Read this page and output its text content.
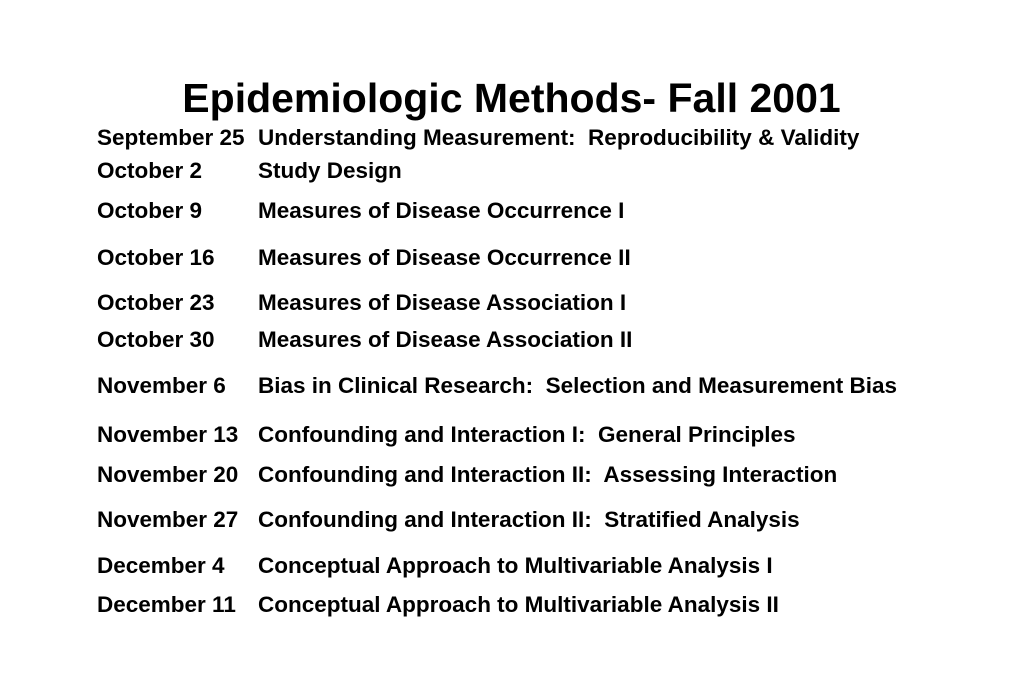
Epidemiologic Methods- Fall 2001
September 25 Understanding Measurement:  Reproducibility & Validity
October 2	Study Design
October 9	Measures of Disease Occurrence I
October 16	Measures of Disease Occurrence II
October 23	Measures of Disease Association I
October 30	Measures of Disease Association II
November 6	Bias in Clinical Research:  Selection and Measurement Bias
November 13 Confounding and Interaction I:  General Principles
November 20 Confounding and Interaction II:  Assessing Interaction
November 27 Confounding and Interaction II:  Stratified Analysis
December 4	Conceptual Approach to Multivariable Analysis I
December 11 Conceptual Approach to Multivariable Analysis II
